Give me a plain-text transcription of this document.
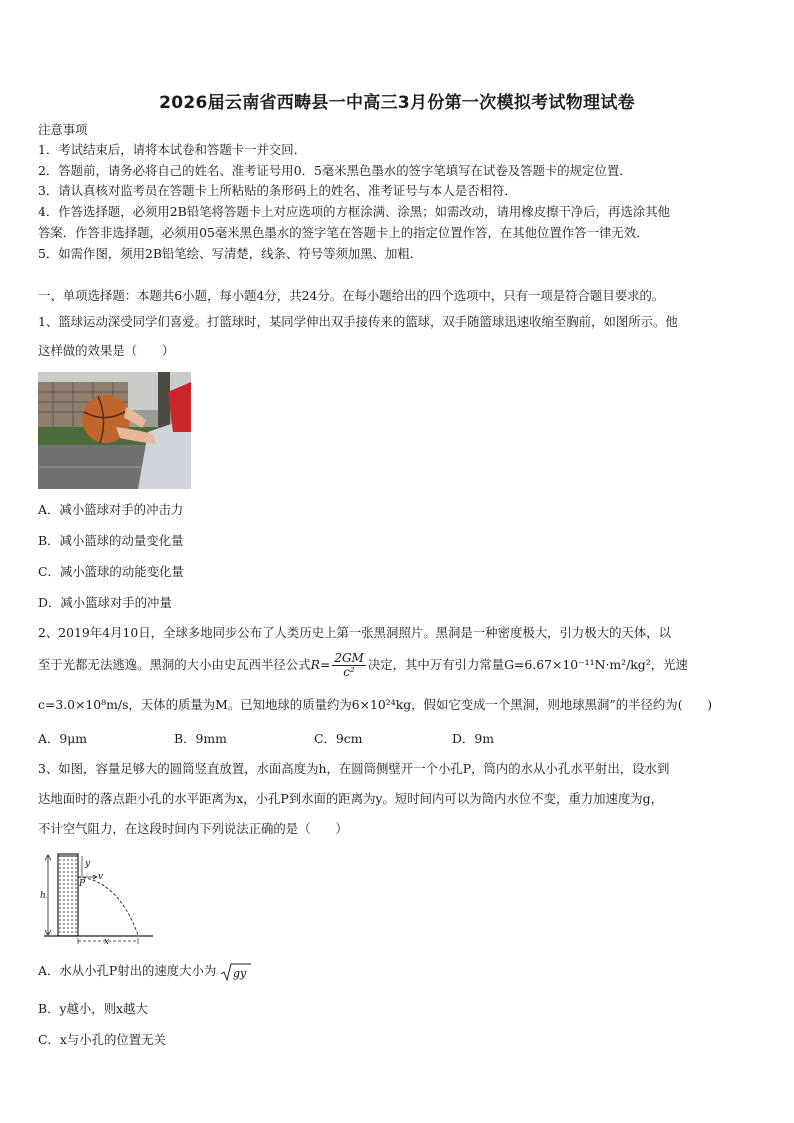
2026届云南省西畴县一中高三3月份第一次模拟考试物理试卷
注意事项
1．考试结束后，请将本试卷和答题卡一并交回．
2．答题前，请务必将自己的姓名、准考证号用0．5毫米黑色墨水的签字笔填写在试卷及答题卡的规定位置．
3．请认真核对监考员在答题卡上所粘贴的条形码上的姓名、准考证号与本人是否相符．
4．作答选择题，必须用2B铅笔将答题卡上对应选项的方框涂满、涂黑；如需改动，请用橡皮擦干净后，再选涂其他
答案．作答非选择题，必须用05毫米黑色墨水的签字笔在答题卡上的指定位置作答，在其他位置作答一律无效．
5．如需作图，须用2B铅笔绘、写清楚，线条、符号等须加黑、加粗．
一、单项选择题：本题共6小题，每小题4分，共24分。在每小题给出的四个选项中，只有一项是符合题目要求的。
1、篮球运动深受同学们喜爱。打篮球时，某同学伸出双手接传来的篮球，双手随篮球迅速收缩至胸前，如图所示。他
这样做的效果是（　　）
A．减小篮球对手的冲击力
B．减小篮球的动量变化量
C．减小篮球的动能变化量
D．减小篮球对手的冲量
2、2019年4月10日，全球多地同步公布了人类历史上第一张黑洞照片。黑洞是一种密度极大，引力极大的天体，以
至于光都无法逃逸。黑洞的大小由史瓦西半径公式$R= \frac{2GM}{\text{c²}}$ 决定，其中万有引力常量G=6.67×10⁻¹¹N·m²/kg²，光速
c=3.0×10⁸m/s，天体的质量为M。已知地球的质量约为6×10²⁴kg，假如它变成一个黑洞，则地球黑洞”的半径约为(　　)
A．9μm	B．9mm	C．9cm	D．9m
3、如图，容量足够大的圆筒竖直放置，水面高度为h，在圆筒侧壁开一个小孔P，筒内的水从小孔水平射出，设水到
达地面时的落点距小孔的水平距离为x，小孔P到水面的距离为y。短时间内可以为筒内水位不变，重力加速度为g，
不计空气阻力，在这段时间内下列说法正确的是（　　）
h
y
P
v
x
A．水从小孔P射出的速度大小为 gy
B．y越小，则x越大
C．x与小孔的位置无关
